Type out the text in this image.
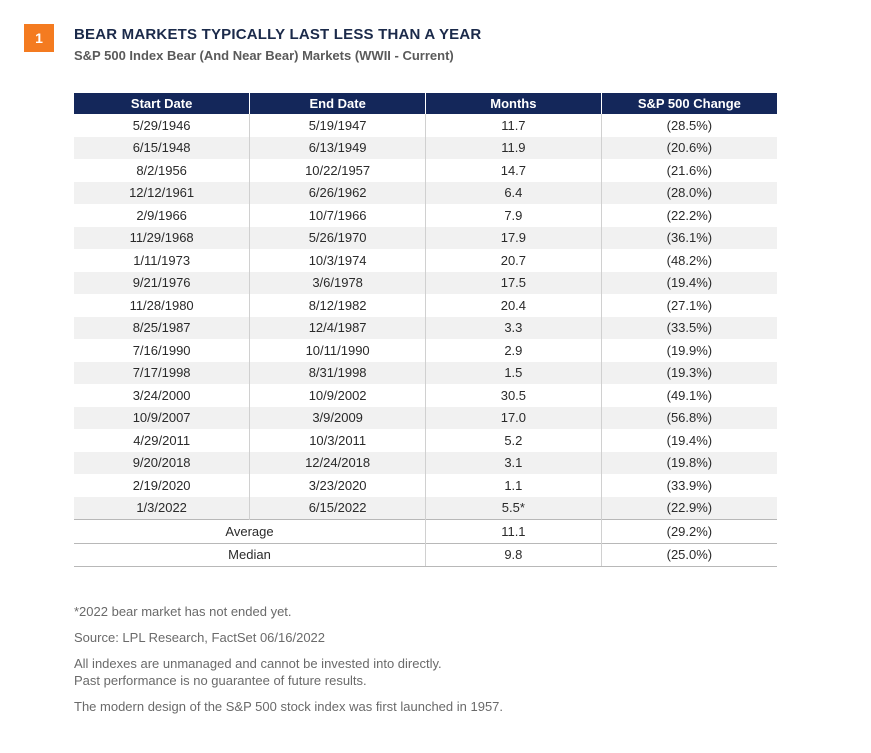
1	BEAR MARKETS TYPICALLY LAST LESS THAN A YEAR
S&P 500 Index Bear (And Near Bear) Markets (WWII - Current)
Start Date	End Date	Months	S&P 500 Change
5/29/1946	5/19/1947	11.7	(28.5%)
6/15/1948	6/13/1949	11.9	(20.6%)
8/2/1956	10/22/1957	14.7	(21.6%)
12/12/1961	6/26/1962	6.4	(28.0%)
2/9/1966	10/7/1966	7.9	(22.2%)
11/29/1968	5/26/1970	17.9	(36.1%)
1/11/1973	10/3/1974	20.7	(48.2%)
9/21/1976	3/6/1978	17.5	(19.4%)
11/28/1980	8/12/1982	20.4	(27.1%)
8/25/1987	12/4/1987	3.3	(33.5%)
7/16/1990	10/11/1990	2.9	(19.9%)
7/17/1998	8/31/1998	1.5	(19.3%)
3/24/2000	10/9/2002	30.5	(49.1%)
10/9/2007	3/9/2009	17.0	(56.8%)
4/29/2011	10/3/2011	5.2	(19.4%)
9/20/2018	12/24/2018	3.1	(19.8%)
2/19/2020	3/23/2020	1.1	(33.9%)
1/3/2022	6/15/2022	5.5*	(22.9%)
Average		11.1	(29.2%)
Median		9.8	(25.0%)

*2022 bear market has not ended yet.

Source: LPL Research, FactSet 06/16/2022

All indexes are unmanaged and cannot be invested into directly.
Past performance is no guarantee of future results.

The modern design of the S&P 500 stock index was first launched in 1957.
